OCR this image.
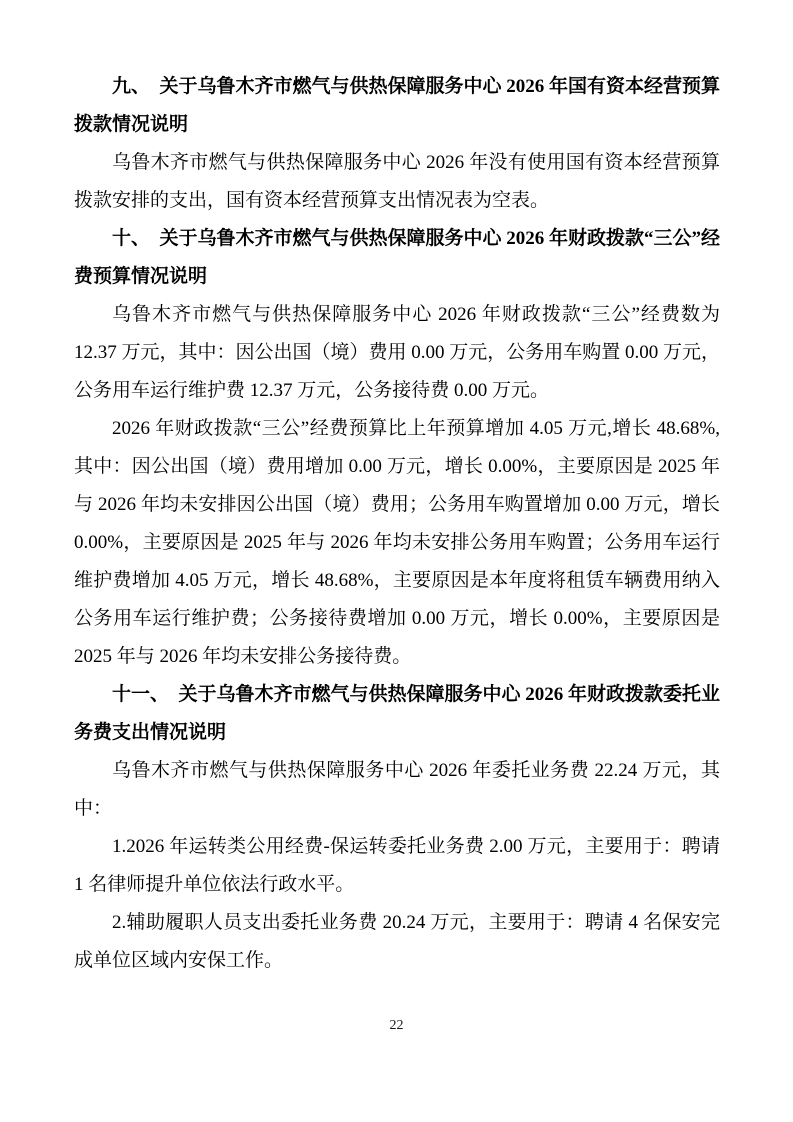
九、　关于乌鲁木齐市燃气与供热保障服务中心 2026 年国有资本经营预算拨款情况说明

乌鲁木齐市燃气与供热保障服务中心 2026 年没有使用国有资本经营预算拨款安排的支出，国有资本经营预算支出情况表为空表。

十、　关于乌鲁木齐市燃气与供热保障服务中心 2026 年财政拨款“三公”经费预算情况说明

乌鲁木齐市燃气与供热保障服务中心 2026 年财政拨款“三公”经费数为 12.37 万元，其中：因公出国（境）费用 0.00 万元，公务用车购置 0.00 万元，公务用车运行维护费 12.37 万元，公务接待费 0.00 万元。

2026 年财政拨款“三公”经费预算比上年预算增加 4.05 万元,增长 48.68%,其中：因公出国（境）费用增加 0.00 万元，增长 0.00%，主要原因是 2025 年与 2026 年均未安排因公出国（境）费用；公务用车购置增加 0.00 万元，增长 0.00%，主要原因是 2025 年与 2026 年均未安排公务用车购置；公务用车运行维护费增加 4.05 万元，增长 48.68%，主要原因是本年度将租赁车辆费用纳入公务用车运行维护费；公务接待费增加 0.00 万元，增长 0.00%，主要原因是 2025 年与 2026 年均未安排公务接待费。

十一、　关于乌鲁木齐市燃气与供热保障服务中心 2026 年财政拨款委托业务费支出情况说明

乌鲁木齐市燃气与供热保障服务中心 2026 年委托业务费 22.24 万元，其中：

1.2026 年运转类公用经费-保运转委托业务费 2.00 万元，主要用于：聘请 1 名律师提升单位依法行政水平。

2.辅助履职人员支出委托业务费 20.24 万元，主要用于：聘请 4 名保安完成单位区域内安保工作。

22
